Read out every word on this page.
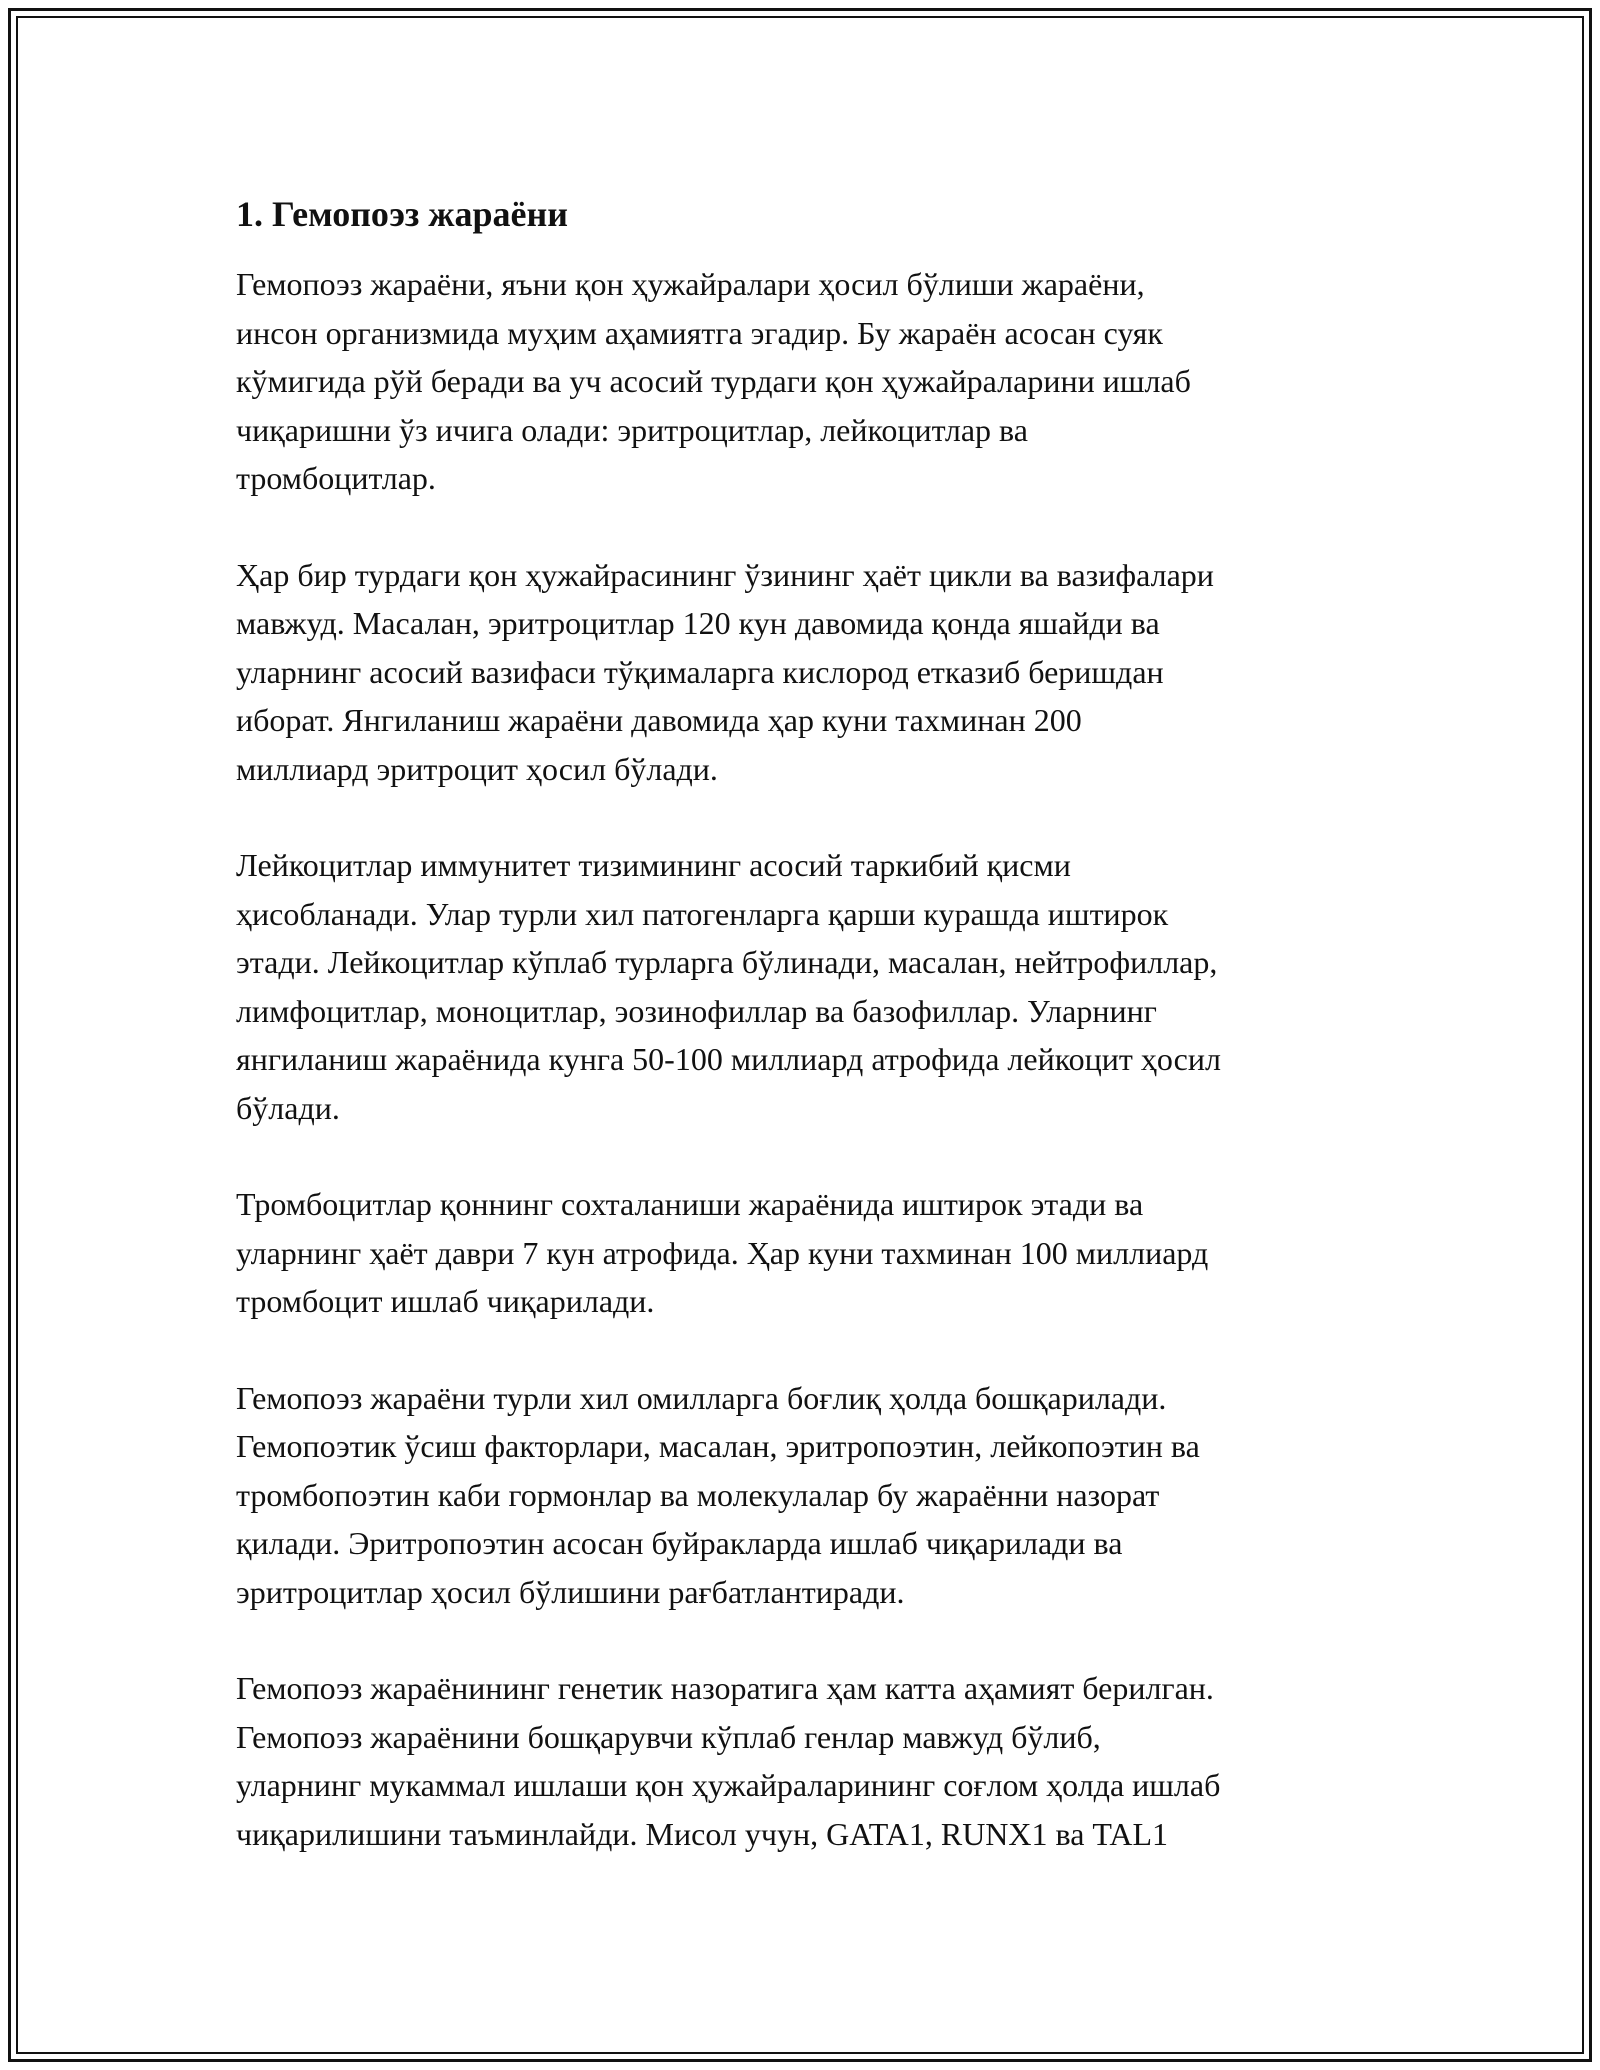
1. Гемопоэз жараёни

Гемопоэз жараёни, яъни қон ҳужайралари ҳосил бўлиши жараёни,
инсон организмида муҳим аҳамиятга эгадир. Бу жараён асосан суяк
кўмигида рўй беради ва уч асосий турдаги қон ҳужайраларини ишлаб
чиқаришни ўз ичига олади: эритроцитлар, лейкоцитлар ва
тромбоцитлар.

Ҳар бир турдаги қон ҳужайрасининг ўзининг ҳаёт цикли ва вазифалари
мавжуд. Масалан, эритроцитлар 120 кун давомида қонда яшайди ва
уларнинг асосий вазифаси тўқималарга кислород етказиб беришдан
иборат. Янгиланиш жараёни давомида ҳар куни тахминан 200
миллиард эритроцит ҳосил бўлади.

Лейкоцитлар иммунитет тизимининг асосий таркибий қисми
ҳисобланади. Улар турли хил патогенларга қарши курашда иштирок
этади. Лейкоцитлар кўплаб турларга бўлинади, масалан, нейтрофиллар,
лимфоцитлар, моноцитлар, эозинофиллар ва базофиллар. Уларнинг
янгиланиш жараёнида кунга 50-100 миллиард атрофида лейкоцит ҳосил
бўлади.

Тромбоцитлар қоннинг сохталаниши жараёнида иштирок этади ва
уларнинг ҳаёт даври 7 кун атрофида. Ҳар куни тахминан 100 миллиард
тромбоцит ишлаб чиқарилади.

Гемопоэз жараёни турли хил омилларга боғлиқ ҳолда бошқарилади.
Гемопоэтик ўсиш факторлари, масалан, эритропоэтин, лейкопоэтин ва
тромбопоэтин каби гормонлар ва молекулалар бу жараённи назорат
қилади. Эритропоэтин асосан буйракларда ишлаб чиқарилади ва
эритроцитлар ҳосил бўлишини рағбатлантиради.

Гемопоэз жараёнининг генетик назоратига ҳам катта аҳамият берилган.
Гемопоэз жараёнини бошқарувчи кўплаб генлар мавжуд бўлиб,
уларнинг мукаммал ишлаши қон ҳужайраларининг соғлом ҳолда ишлаб
чиқарилишини таъминлайди. Мисол учун, GATA1, RUNX1 ва TAL1
